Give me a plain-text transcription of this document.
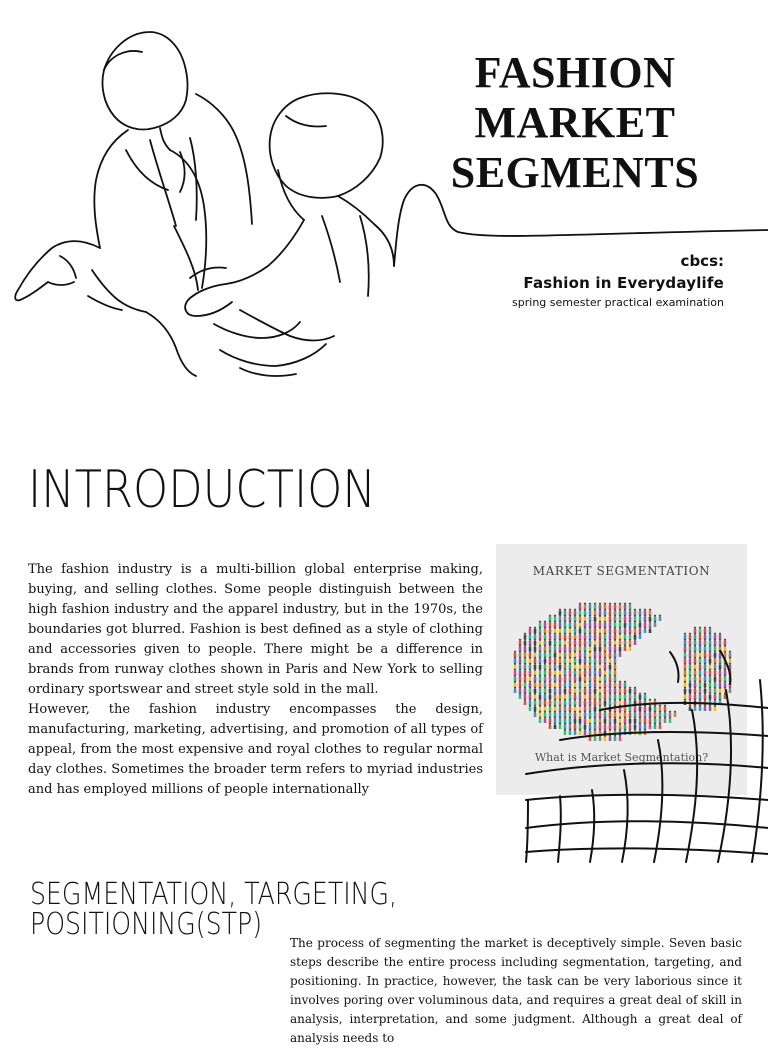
FASHION
MARKET
SEGMENTS
cbcs:
Fashion in Everydaylife
spring semester practical examination
INTRODUCTION

The fashion industry is a multi-billion global enterprise making, buying, and selling clothes. Some people distinguish between the high fashion industry and the apparel industry, but in the 1970s, the boundaries got blurred. Fashion is best defined as a style of clothing and accessories given to people. There might be a difference in brands from runway clothes shown in Paris and New York to selling ordinary sportswear and street style sold in the mall.

However, the fashion industry encompasses the design, manufacturing, marketing, advertising, and promotion of all types of appeal, from the most expensive and royal clothes to regular normal day clothes. Sometimes the broader term refers to myriad industries and has employed millions of people internationally

MARKET SEGMENTATION
What is Market Segmentation?
SEGMENTATION, TARGETING,
POSITIONING(STP)

The process of segmenting the market is deceptively simple. Seven basic steps describe the entire process including segmentation, targeting, and positioning. In practice, however, the task can be very laborious since it involves poring over voluminous data, and requires a great deal of skill in analysis, interpretation, and some judgment. Although a great deal of analysis needs to
